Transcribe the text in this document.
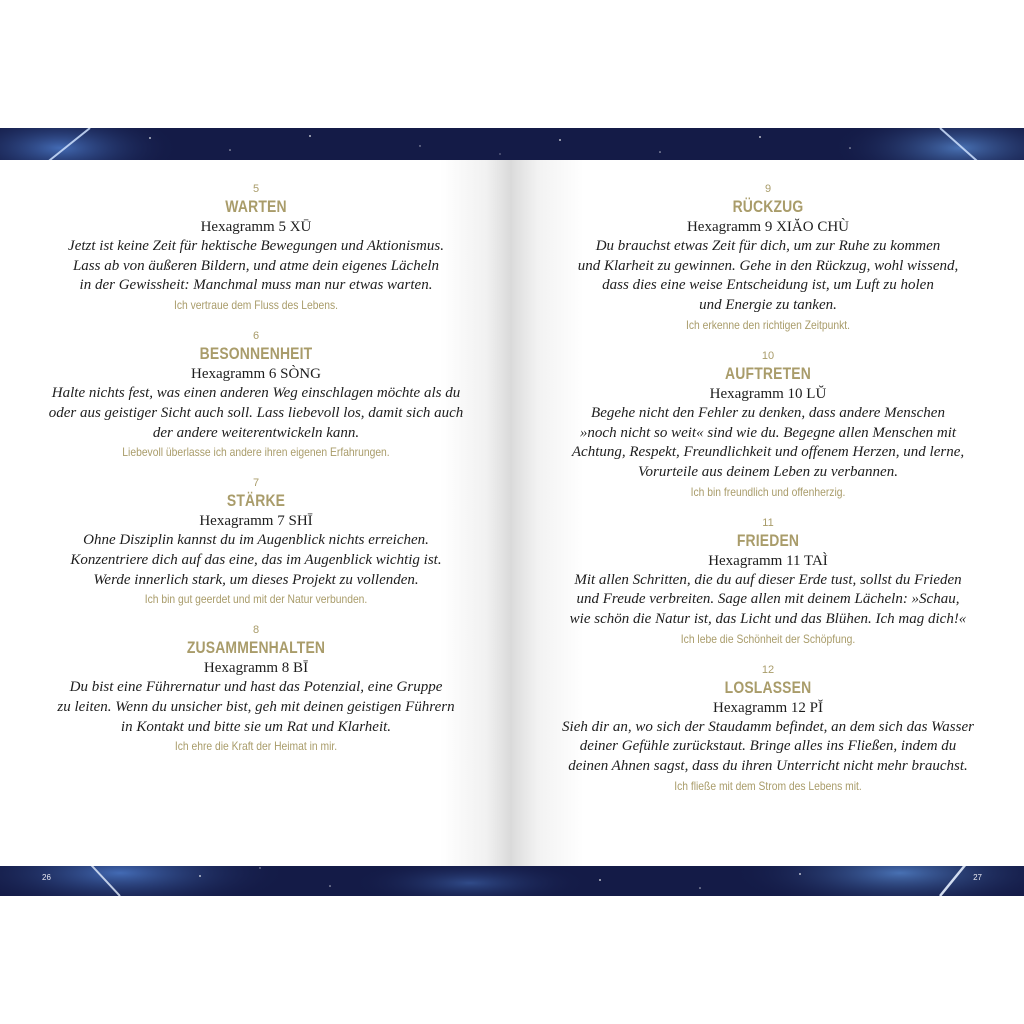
5
WARTEN
Hexagramm 5 XŪ
Jetzt ist keine Zeit für hektische Bewegungen und Aktionismus.
Lass ab von äußeren Bildern, und atme dein eigenes Lächeln
in der Gewissheit: Manchmal muss man nur etwas warten.
Ich vertraue dem Fluss des Lebens.
6
BESONNENHEIT
Hexagramm 6 SÒNG
Halte nichts fest, was einen anderen Weg einschlagen möchte als du
oder aus geistiger Sicht auch soll. Lass liebevoll los, damit sich auch
der andere weiterentwickeln kann.
Liebevoll überlasse ich andere ihren eigenen Erfahrungen.
7
STÄRKE
Hexagramm 7 SHĪ
Ohne Disziplin kannst du im Augenblick nichts erreichen.
Konzentriere dich auf das eine, das im Augenblick wichtig ist.
Werde innerlich stark, um dieses Projekt zu vollenden.
Ich bin gut geerdet und mit der Natur verbunden.
8
ZUSAMMENHALTEN
Hexagramm 8 BĪ
Du bist eine Führernatur und hast das Potenzial, eine Gruppe
zu leiten. Wenn du unsicher bist, geh mit deinen geistigen Führern
in Kontakt und bitte sie um Rat und Klarheit.
Ich ehre die Kraft der Heimat in mir.
9
RÜCKZUG
Hexagramm 9 XIĂO CHÙ
Du brauchst etwas Zeit für dich, um zur Ruhe zu kommen
und Klarheit zu gewinnen. Gehe in den Rückzug, wohl wissend,
dass dies eine weise Entscheidung ist, um Luft zu holen
und Energie zu tanken.
Ich erkenne den richtigen Zeitpunkt.
10
AUFTRETEN
Hexagramm 10 LŬ
Begehe nicht den Fehler zu denken, dass andere Menschen
»noch nicht so weit« sind wie du. Begegne allen Menschen mit
Achtung, Respekt, Freundlichkeit und offenem Herzen, und lerne,
Vorurteile aus deinem Leben zu verbannen.
Ich bin freundlich und offenherzig.
11
FRIEDEN
Hexagramm 11 TAÌ
Mit allen Schritten, die du auf dieser Erde tust, sollst du Frieden
und Freude verbreiten. Sage allen mit deinem Lächeln: »Schau,
wie schön die Natur ist, das Licht und das Blühen. Ich mag dich!«
Ich lebe die Schönheit der Schöpfung.
12
LOSLASSEN
Hexagramm 12 PĬ
Sieh dir an, wo sich der Staudamm befindet, an dem sich das Wasser
deiner Gefühle zurückstaut. Bringe alles ins Fließen, indem du
deinen Ahnen sagst, dass du ihren Unterricht nicht mehr brauchst.
Ich fließe mit dem Strom des Lebens mit.
26	27
